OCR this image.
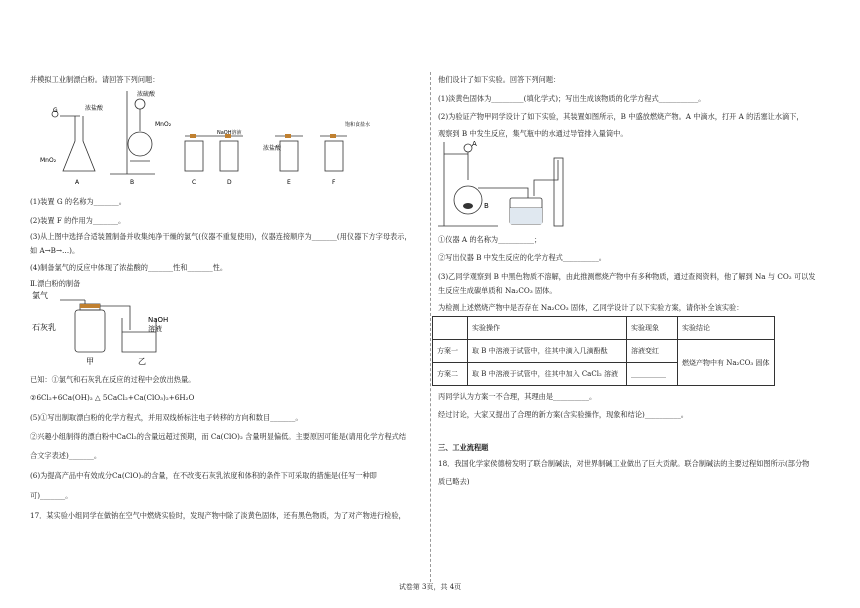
并模拟工业制漂白粉。请回答下列问题：

G	浓盐酸
浓硫酸
MnO₂
MnO₂
NaOH溶液
浓盐酸
饱和食盐水
A	B	C	D	E	F

(1)装置 G 的名称为_______。

(2)装置 F 的作用为_______。

(3)从上图中选择合适装置制备并收集纯净干燥的氯气(仪器不重复使用)，仪器连接顺序为_______(用仪器下方字母表示，

如 A→B→…)。

(4)制备氯气的反应中体现了浓盐酸的_______性和_______性。

Ⅱ.漂白粉的制备

氯气
石灰乳
NaOH
溶液
甲	乙

已知：①氯气和石灰乳在反应的过程中会放出热量。

②6Cl₂+6Ca(OH)₂ △ 5CaCl₂+Ca(ClO₃)₂+6H₂O

(5)①写出制取漂白粉的化学方程式，并用双线桥标注电子转移的方向和数目_______。

②兴趣小组制得的漂白粉中CaCl₂的含量远超过预期，而 Ca(ClO)₂ 含量明显偏低。主要原因可能是(请用化学方程式结

合文字表述)_______。

(6)为提高产品中有效成分Ca(ClO)₂的含量，在不改变石灰乳浓度和体积的条件下可采取的措施是(任写一种即

可)_______。

17．某实验小组同学在做钠在空气中燃烧实验时，发现产物中除了淡黄色固体，还有黑色物质，为了对产物进行检验，

他们设计了如下实验。回答下列问题：

(1)淡黄色固体为_________(填化学式)；写出生成该物质的化学方程式___________。

(2)为验证产物甲同学设计了如下实验，其装置如图所示，B 中盛放燃烧产物。A 中滴水，打开 A 的活塞让水滴下，

观察到 B 中发生反应，集气瓶中的水通过导管排入量筒中。

A
B

①仪器 A 的名称为__________；

②写出仪器 B 中发生反应的化学方程式__________。

(3)乙同学观察到 B 中黑色物质不溶解，由此推测燃烧产物中有多种物质，通过查阅资料，他了解到 Na 与 CO₂ 可以发

生反应生成碳单质和 Na₂CO₃ 固体。

为检测上述燃烧产物中是否存在 Na₂CO₃ 固体，乙同学设计了以下实验方案，请你补全该实验：

	实验操作	实验现象	实验结论
方案一	取 B 中溶液于试管中，往其中滴入几滴酚酞	溶液变红	燃烧产物中有 Na₂CO₃ 固体
方案二	取 B 中溶液于试管中，往其中加入 CaCl₂ 溶液	__________	

丙同学认为方案一不合理，其理由是__________。

经过讨论，大家又提出了合理的新方案(含实验操作，现象和结论)__________。

三、工业流程题

18．我国化学家侯德榜发明了联合制碱法，对世界制碱工业做出了巨大贡献。联合制碱法的主要过程如图所示(部分物

质已略去)

试卷第 3页，共 4页
